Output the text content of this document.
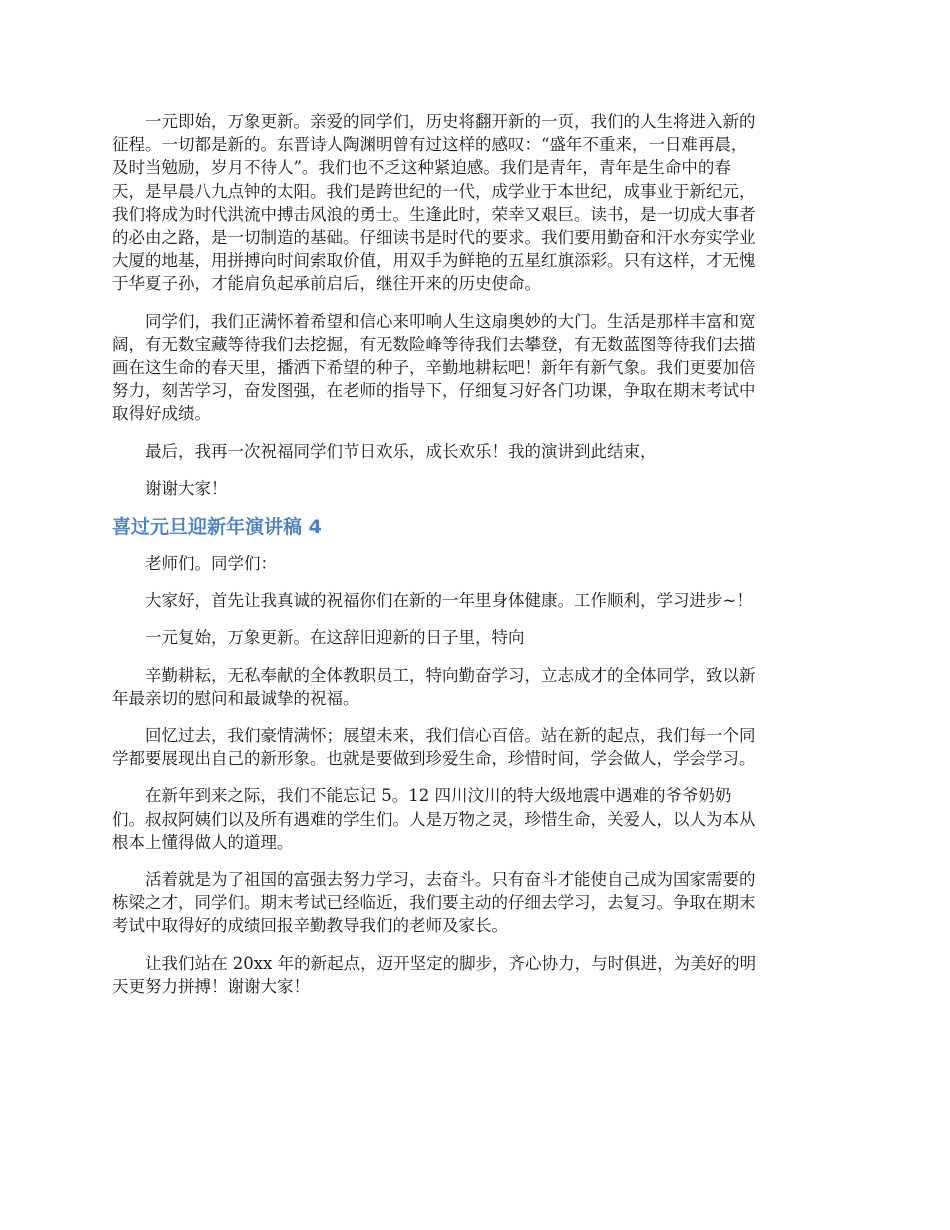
一元即始，万象更新。亲爱的同学们，历史将翻开新的一页，我们的人生将进入新的
征程。一切都是新的。东晋诗人陶渊明曾有过这样的感叹：“盛年不重来，一日难再晨，
及时当勉励，岁月不待人”。我们也不乏这种紧迫感。我们是青年，青年是生命中的春
天，是早晨八九点钟的太阳。我们是跨世纪的一代，成学业于本世纪，成事业于新纪元，
我们将成为时代洪流中搏击风浪的勇士。生逢此时，荣幸又艰巨。读书，是一切成大事者
的必由之路，是一切制造的基础。仔细读书是时代的要求。我们要用勤奋和汗水夯实学业
大厦的地基，用拼搏向时间索取价值，用双手为鲜艳的五星红旗添彩。只有这样，才无愧
于华夏子孙，才能肩负起承前启后，继往开来的历史使命。

同学们，我们正满怀着希望和信心来叩响人生这扇奥妙的大门。生活是那样丰富和宽
阔，有无数宝藏等待我们去挖掘，有无数险峰等待我们去攀登，有无数蓝图等待我们去描
画在这生命的春天里，播洒下希望的种子，辛勤地耕耘吧！新年有新气象。我们更要加倍
努力，刻苦学习，奋发图强，在老师的指导下，仔细复习好各门功课，争取在期末考试中
取得好成绩。

最后，我再一次祝福同学们节日欢乐，成长欢乐！我的演讲到此结束，

谢谢大家！

喜过元旦迎新年演讲稿 4

老师们。同学们：

大家好，首先让我真诚的祝福你们在新的一年里身体健康。工作顺利，学习进步~！

一元复始，万象更新。在这辞旧迎新的日子里，特向

辛勤耕耘，无私奉献的全体教职员工，特向勤奋学习，立志成才的全体同学，致以新
年最亲切的慰问和最诚挚的祝福。

回忆过去，我们豪情满怀；展望未来，我们信心百倍。站在新的起点，我们每一个同
学都要展现出自己的新形象。也就是要做到珍爱生命，珍惜时间，学会做人，学会学习。

在新年到来之际，我们不能忘记 5。12 四川汶川的特大级地震中遇难的爷爷奶奶
们。叔叔阿姨们以及所有遇难的学生们。人是万物之灵，珍惜生命，关爱人，以人为本从
根本上懂得做人的道理。

活着就是为了祖国的富强去努力学习，去奋斗。只有奋斗才能使自己成为国家需要的
栋梁之才，同学们。期末考试已经临近，我们要主动的仔细去学习，去复习。争取在期末
考试中取得好的成绩回报辛勤教导我们的老师及家长。

让我们站在 20xx 年的新起点，迈开坚定的脚步，齐心协力，与时俱进，为美好的明
天更努力拼搏！谢谢大家！
